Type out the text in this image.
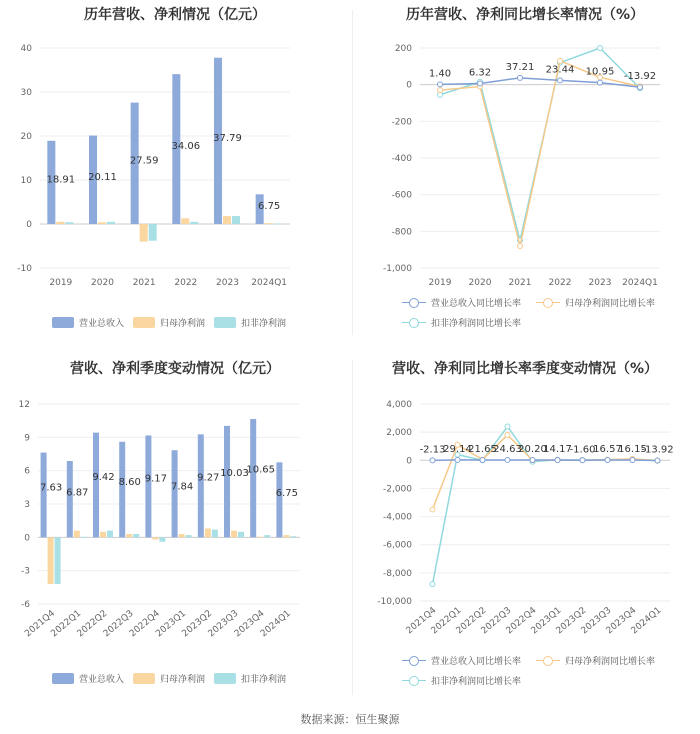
历年营收、净利情况（亿元）
-10
0
10
20
30
40
2019 2020 2021 2022 2023 2024Q1
18.91 20.11
27.59
34.06
37.79
6.75
营业总收入	归母净利润	扣非净利润
历年营收、净利同比增长率情况（%）
-1,000
-800
-600
-400
-200
0
200
2019 2020 2021 2022 2023 2024Q1
1.40 6.32
37.21 23.44 10.95 -13.92
营业总收入同比增长率	归母净利润同比增长率
扣非净利润同比增长率
营收、净利季度变动情况（亿元）
-6
-3
0
3
6
9
12
2021Q4
2022Q1
2022Q2
2022Q3
2022Q4
2023Q1
2023Q2
2023Q3
2023Q4
2024Q1
7.63 6.87
9.42 8.60 9.17
7.84
9.27 10.03
10.65
6.75
营业总收入	归母净利润	扣非净利润
营收、净利同比增长率季度变动情况（%）
-10,000
-8,000
-6,000
-4,000
-2,000
0
2,000
4,000
2021Q4
2022Q1
2022Q2
2022Q3
2022Q4
2023Q1
2023Q2
2023Q3
2023Q4
2024Q1
-2.13
29.14
21.65
24.63
20.20
14.17
-1.60
16.57
16.15
-13.92
营业总收入同比增长率	归母净利润同比增长率
扣非净利润同比增长率
数据来源：恒生聚源
